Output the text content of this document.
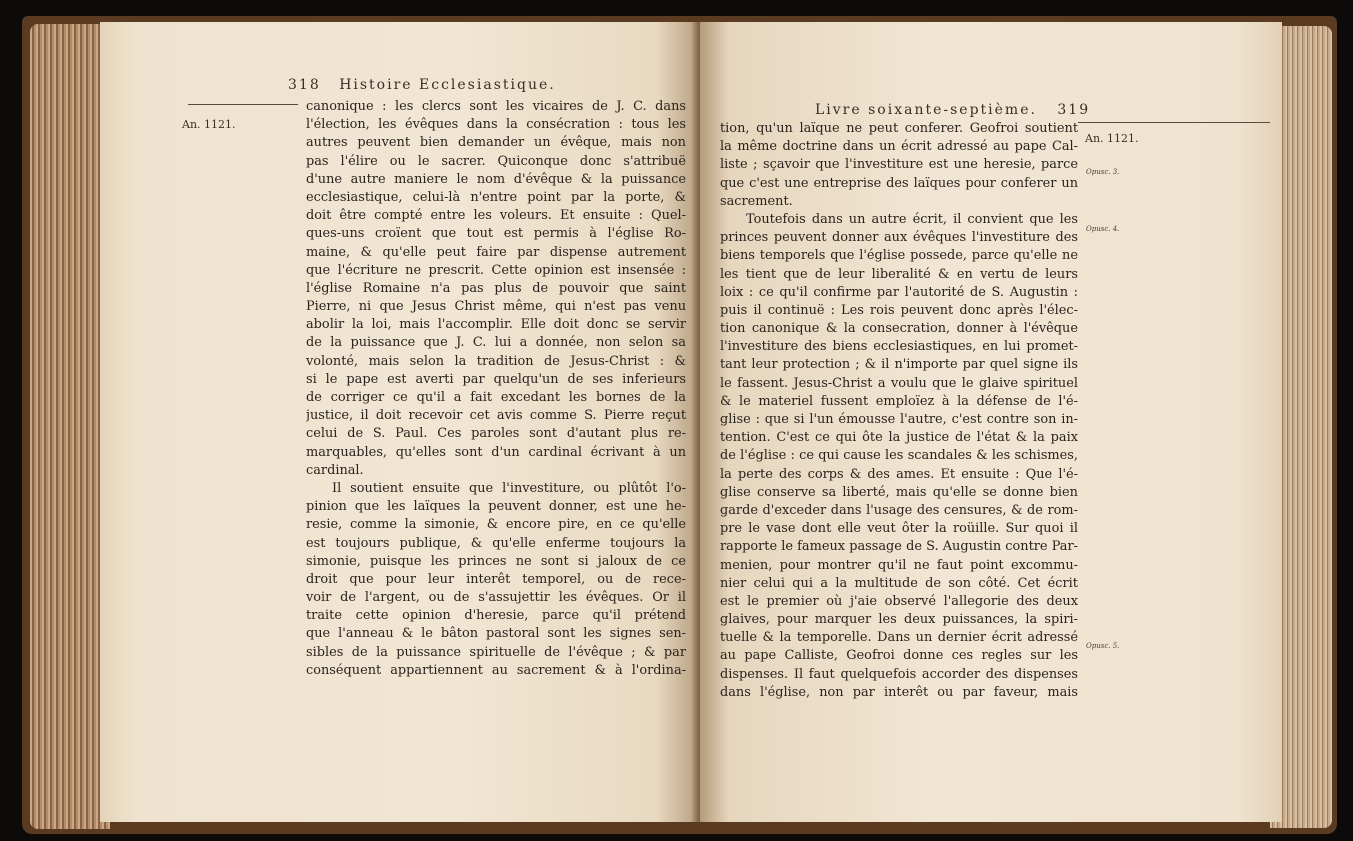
318 Histoire Ecclesiastique.
An. 1121.
canonique : les clercs sont les vicaires de J. C. dans
l'élection, les évêques dans la consécration : tous les
autres peuvent bien demander un évêque, mais non
pas l'élire ou le sacrer. Quiconque donc s'attribuë
d'une autre maniere le nom d'évêque & la puissance
ecclesiastique, celui-là n'entre point par la porte, &
doit être compté entre les voleurs. Et ensuite : Quel-
ques-uns croïent que tout est permis à l'église Ro-
maine, & qu'elle peut faire par dispense autrement
que l'écriture ne prescrit. Cette opinion est insensée :
l'église Romaine n'a pas plus de pouvoir que saint
Pierre, ni que Jesus Christ même, qui n'est pas venu
abolir la loi, mais l'accomplir. Elle doit donc se servir
de la puissance que J. C. lui a donnée, non selon sa
volonté, mais selon la tradition de Jesus-Christ : &
si le pape est averti par quelqu'un de ses inferieurs
de corriger ce qu'il a fait excedant les bornes de la
justice, il doit recevoir cet avis comme S. Pierre reçut
celui de S. Paul. Ces paroles sont d'autant plus re-
marquables, qu'elles sont d'un cardinal écrivant à un
cardinal.
Il soutient ensuite que l'investiture, ou plûtôt l'o-
pinion que les laïques la peuvent donner, est une he-
resie, comme la simonie, & encore pire, en ce qu'elle
est toujours publique, & qu'elle enferme toujours la
simonie, puisque les princes ne sont si jaloux de ce
droit que pour leur interêt temporel, ou de rece-
voir de l'argent, ou de s'assujettir les évêques. Or il
traite cette opinion d'heresie, parce qu'il prétend
que l'anneau & le bâton pastoral sont les signes sen-
sibles de la puissance spirituelle de l'évêque ; & par
conséquent appartiennent au sacrement & à l'ordina-
Livre soixante-septième. 319
An. 1121.
Opusc. 3.
Opusc. 4.
Opusc. 5.
tion, qu'un laïque ne peut conferer. Geofroi soutient
la même doctrine dans un écrit adressé au pape Cal-
liste ; sçavoir que l'investiture est une heresie, parce
que c'est une entreprise des laïques pour conferer un
sacrement.
Toutefois dans un autre écrit, il convient que les
princes peuvent donner aux évêques l'investiture des
biens temporels que l'église possede, parce qu'elle ne
les tient que de leur liberalité & en vertu de leurs
loix : ce qu'il confirme par l'autorité de S. Augustin :
puis il continuë : Les rois peuvent donc après l'élec-
tion canonique & la consecration, donner à l'évêque
l'investiture des biens ecclesiastiques, en lui promet-
tant leur protection ; & il n'importe par quel signe ils
le fassent. Jesus-Christ a voulu que le glaive spirituel
& le materiel fussent emploïez à la défense de l'é-
glise : que si l'un émousse l'autre, c'est contre son in-
tention. C'est ce qui ôte la justice de l'état & la paix
de l'église : ce qui cause les scandales & les schismes,
la perte des corps & des ames. Et ensuite : Que l'é-
glise conserve sa liberté, mais qu'elle se donne bien
garde d'exceder dans l'usage des censures, & de rom-
pre le vase dont elle veut ôter la roüille. Sur quoi il
rapporte le fameux passage de S. Augustin contre Par-
menien, pour montrer qu'il ne faut point excommu-
nier celui qui a la multitude de son côté. Cet écrit
est le premier où j'aie observé l'allegorie des deux
glaives, pour marquer les deux puissances, la spiri-
tuelle & la temporelle. Dans un dernier écrit adressé
au pape Calliste, Geofroi donne ces regles sur les
dispenses. Il faut quelquefois accorder des dispenses
dans l'église, non par interêt ou par faveur, mais
